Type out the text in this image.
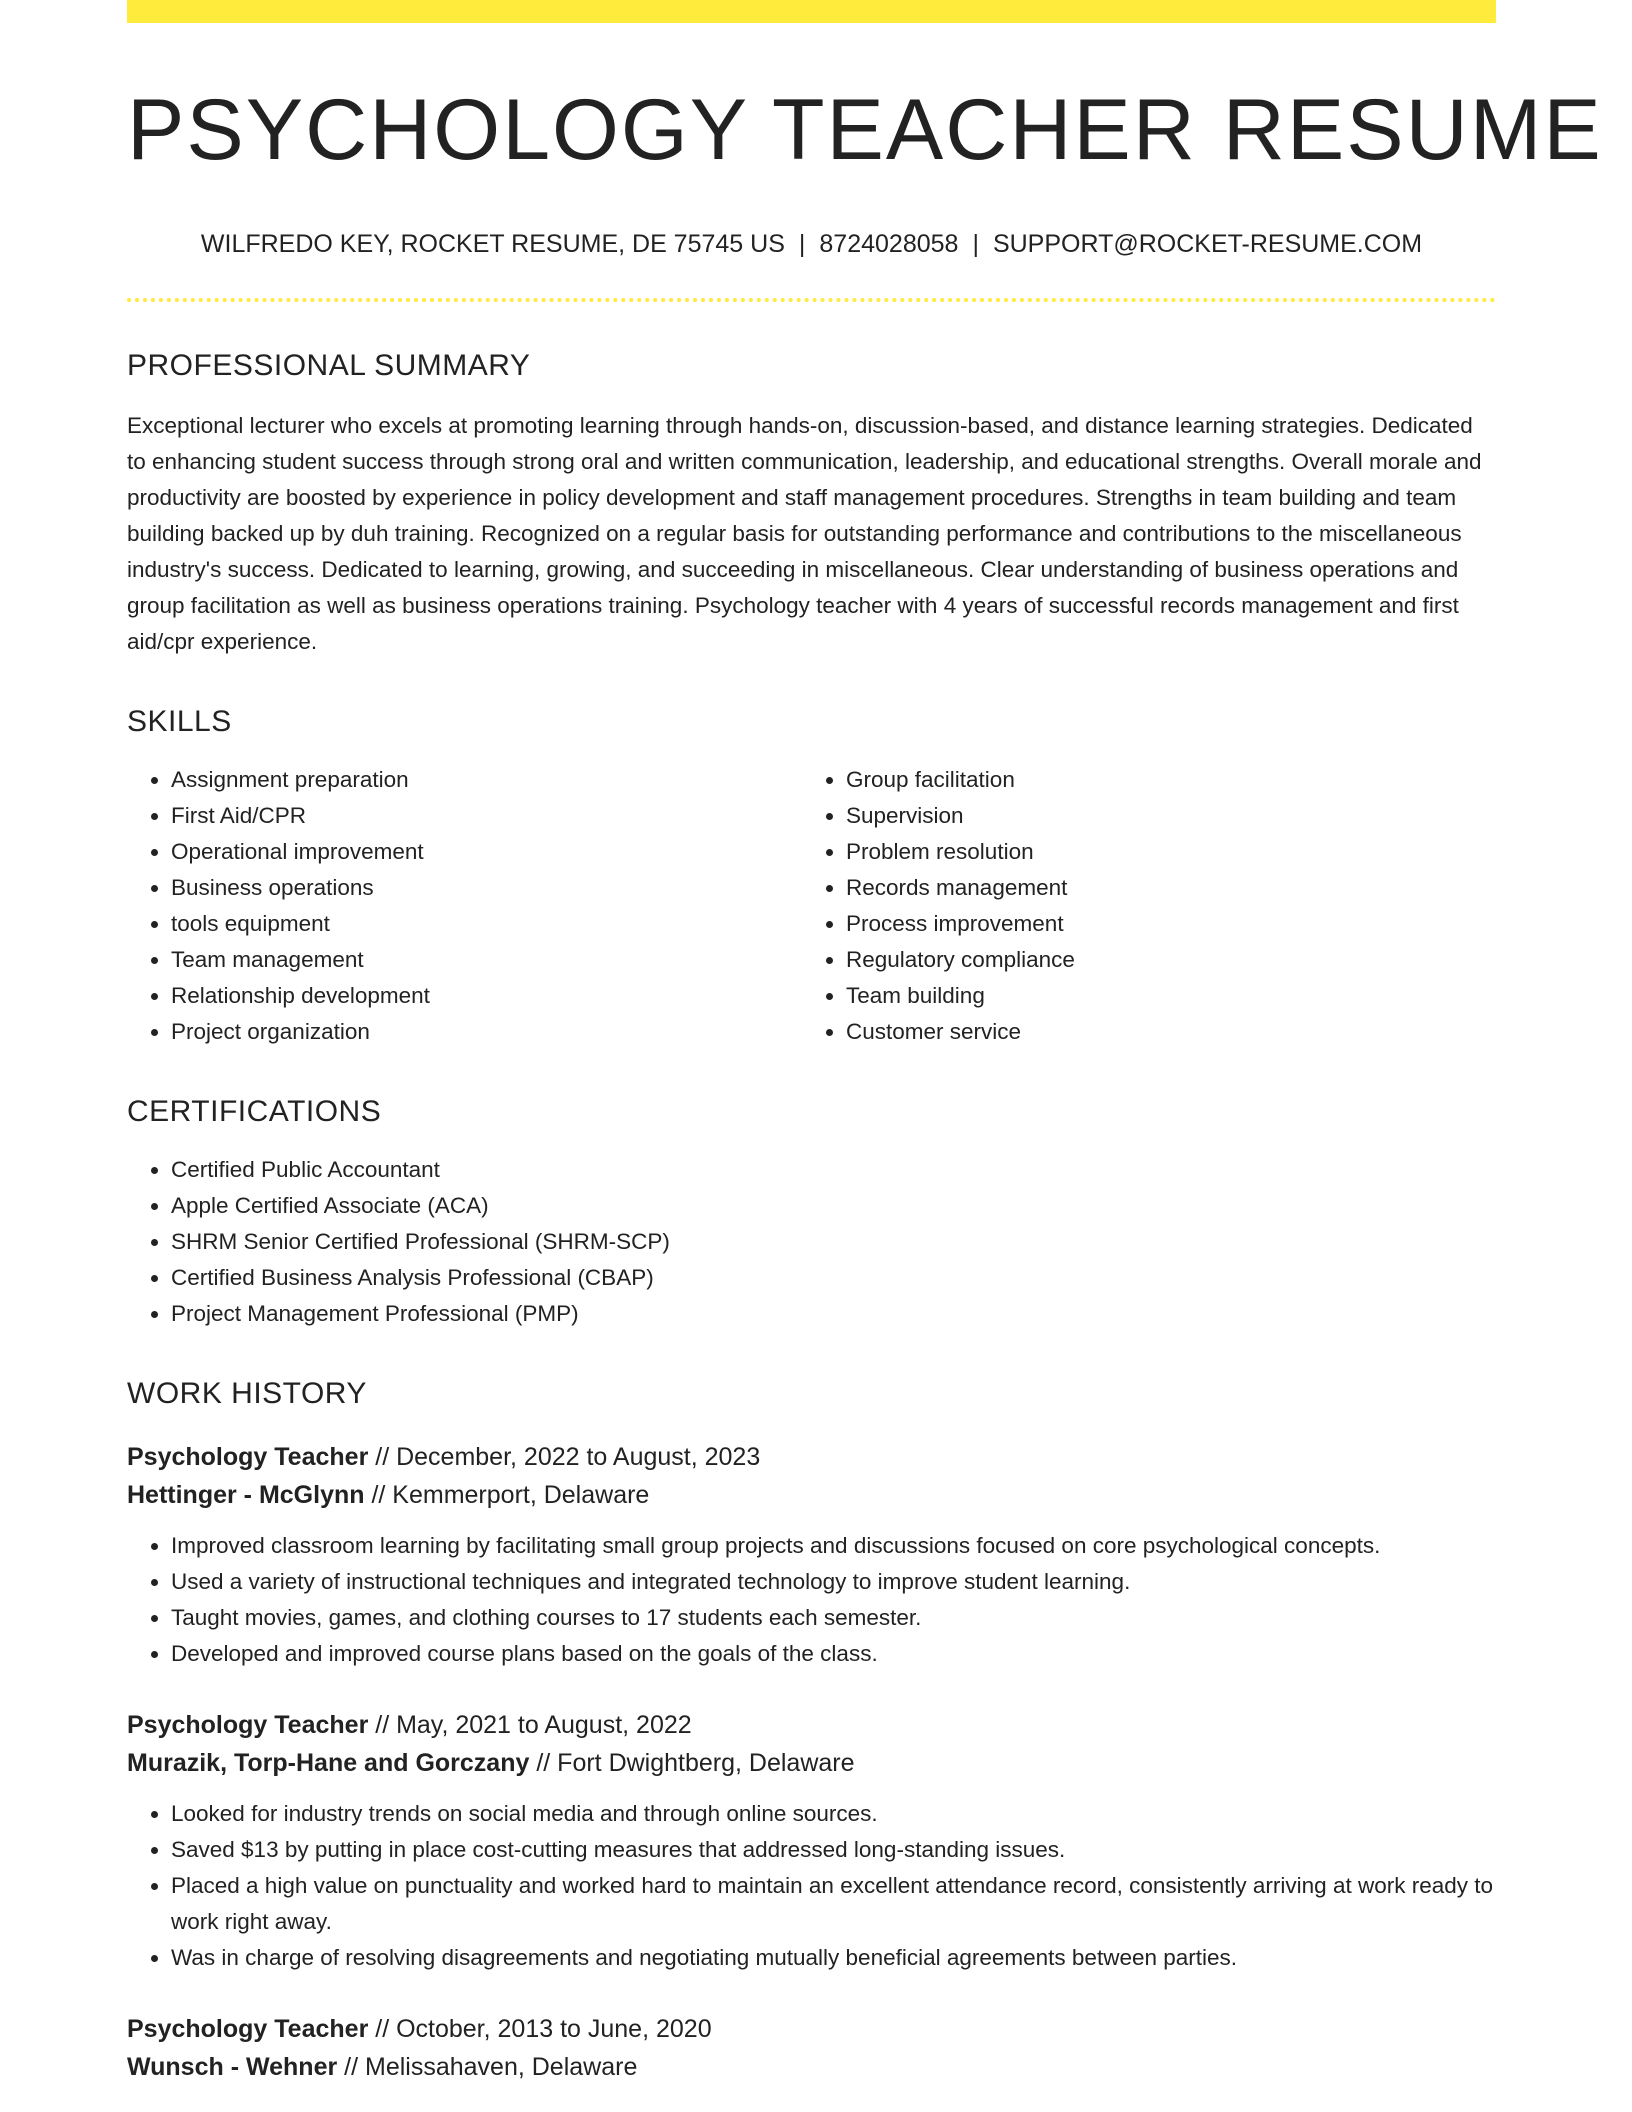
PSYCHOLOGY TEACHER RESUME
WILFREDO KEY, ROCKET RESUME, DE 75745 US | 8724028058 | SUPPORT@ROCKET-RESUME.COM
PROFESSIONAL SUMMARY
Exceptional lecturer who excels at promoting learning through hands-on, discussion-based, and distance learning strategies. Dedicated to enhancing student success through strong oral and written communication, leadership, and educational strengths. Overall morale and productivity are boosted by experience in policy development and staff management procedures. Strengths in team building and team building backed up by duh training. Recognized on a regular basis for outstanding performance and contributions to the miscellaneous industry's success. Dedicated to learning, growing, and succeeding in miscellaneous. Clear understanding of business operations and group facilitation as well as business operations training. Psychology teacher with 4 years of successful records management and first aid/cpr experience.
SKILLS
• Assignment preparation
• First Aid/CPR
• Operational improvement
• Business operations
• tools equipment
• Team management
• Relationship development
• Project organization
• Group facilitation
• Supervision
• Problem resolution
• Records management
• Process improvement
• Regulatory compliance
• Team building
• Customer service
CERTIFICATIONS
• Certified Public Accountant
• Apple Certified Associate (ACA)
• SHRM Senior Certified Professional (SHRM-SCP)
• Certified Business Analysis Professional (CBAP)
• Project Management Professional (PMP)
WORK HISTORY
Psychology Teacher // December, 2022 to August, 2023
Hettinger - McGlynn // Kemmerport, Delaware
• Improved classroom learning by facilitating small group projects and discussions focused on core psychological concepts.
• Used a variety of instructional techniques and integrated technology to improve student learning.
• Taught movies, games, and clothing courses to 17 students each semester.
• Developed and improved course plans based on the goals of the class.
Psychology Teacher // May, 2021 to August, 2022
Murazik, Torp-Hane and Gorczany // Fort Dwightberg, Delaware
• Looked for industry trends on social media and through online sources.
• Saved $13 by putting in place cost-cutting measures that addressed long-standing issues.
• Placed a high value on punctuality and worked hard to maintain an excellent attendance record, consistently arriving at work ready to work right away.
• Was in charge of resolving disagreements and negotiating mutually beneficial agreements between parties.
Psychology Teacher // October, 2013 to June, 2020
Wunsch - Wehner // Melissahaven, Delaware
